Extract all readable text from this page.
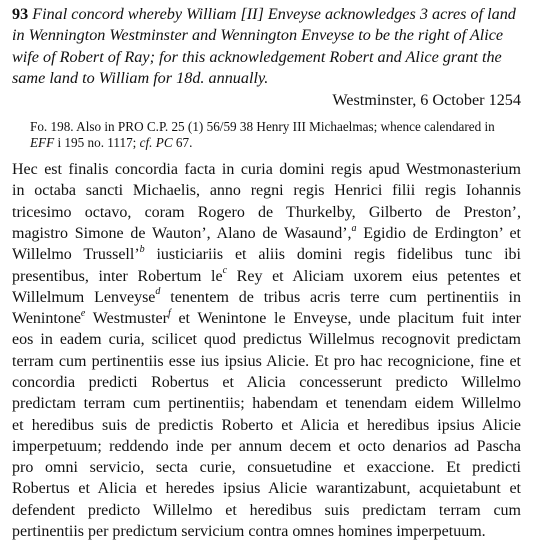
93 Final concord whereby William [II] Enveyse acknowledges 3 acres of land in Wennington Westminster and Wennington Enveyse to be the right of Alice wife of Robert of Ray; for this acknowledgement Robert and Alice grant the same land to William for 18d. annually.

Westminster, 6 October 1254

Fo. 198. Also in PRO C.P. 25 (1) 56/59 38 Henry III Michaelmas; whence calendared in EFF i 195 no. 1117; cf. PC 67.

Hec est finalis concordia facta in curia domini regis apud Westmonasterium
in octaba sancti Michaelis, anno regni regis Henrici filii regis Iohannis
tricesimo octavo, coram Rogero de Thurkelby, Gilberto de Preston’,
magistro Simone de Wauton’, Alano de Wasaund’,$^a$ Egidio de Erdington’ et
Willelmo Trussell’$^b$ iusticiariis et aliis domini regis fidelibus tunc ibi
presentibus, inter Robertum $le^c$ Rey et Aliciam uxorem eius petentes et
Willelmum Lenveyse$^d$ tenentem de tribus acris terre cum pertinentiis in
Wenintone$^e$ Westmuster$^f$ et Wenintone le Enveyse, unde placitum fuit inter
eos in eadem curia, scilicet quod predictus Willelmus recognovit predictam
terram cum pertinentiis esse ius ipsius Alicie. Et pro hac recognicione, fine et
concordia predicti Robertus et Alicia concesserunt predicto Willelmo
predictam terram cum pertinentiis; habendam et tenendam eidem Willelmo
et heredibus suis de predictis Roberto et Alicia et heredibus ipsius Alicie
imperpetuum; reddendo inde per annum decem et octo denarios ad Pascha
pro omni servicio, secta curie, consuetudine et exaccione. Et predicti
Robertus et Alicia et heredes ipsius Alicie warantizabunt, acquietabunt et
defendent predicto Willelmo et heredibus suis predictam terram cum
pertinentiis per predictum servicium contra omnes homines imperpetuum.
